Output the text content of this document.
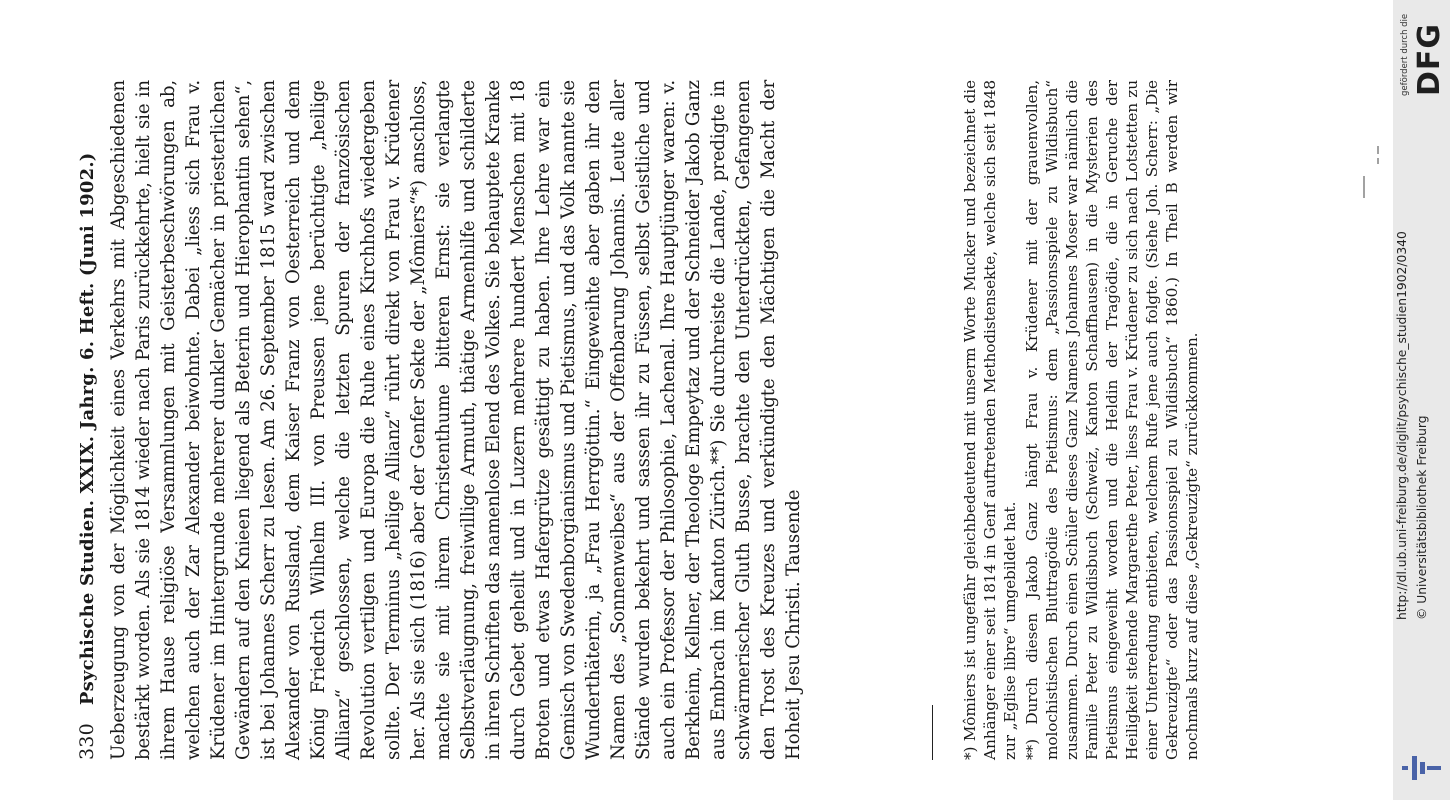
330
Psychische Studien. XXIX. Jahrg. 6. Heft. (Juni 1902.) Ueberzeugung von der Möglichkeit eines Verkehrs mit Abgeschiedenen bestärkt worden. Als sie 1814 wieder nach Paris zurückkehrte, hielt sie in ihrem Hause religiöse Versammlungen mit Geisterbeschwörungen ab, welchen auch der Zar Alexander beiwohnte. Dabei „liess sich Frau v. Krüdener im Hintergrunde mehrerer dunkler Gemächer in priesterlichen Gewändern auf den Knieen liegend als Beterin und Hierophantin sehen“, ist bei Johannes Scherr zu lesen. Am 26. September 1815 ward zwischen Alexander von Russland, dem Kaiser Franz von Oesterreich und dem König Friedrich Wilhelm III. von Preussen jene berüchtigte „heilige Allianz“ geschlossen, welche die letzten Spuren der französischen Revolution vertilgen und Europa die Ruhe eines Kirchhofs wiedergeben sollte. Der Terminus „heilige Allianz“ rührt direkt von Frau v. Krüdener her. Als sie sich (1816) aber der Genfer Sekte der „Mômiers“*) anschloss, machte sie mit ihrem Christenthume bitteren Ernst: sie verlangte Selbstverläugnung, freiwillige Armuth, thätige Armenhilfe und schilderte in ihren Schriften das namenlose Elend des Volkes. Sie behauptete Kranke durch Gebet geheilt und in Luzern mehrere hundert Menschen mit 18 Broten und etwas Hafergrütze gesättigt zu haben. Ihre Lehre war ein Gemisch von Swedenborgianismus und Pietismus, und das Volk nannte sie Wunderthäterin, ja „Frau Herrgöttin.“ Eingeweihte aber gaben ihr den Namen des „Sonnenweibes“ aus der Offenbarung Johannis. Leute aller Stände wurden bekehrt und sassen ihr zu Füssen, selbst Geistliche und auch ein Professor der Philosophie, Lachenal. Ihre Hauptjünger waren: v. Berkheim, Kellner, der Theologe Empeytaz und der Schneider Jakob Ganz aus Embrach im Kanton Zürich.**) Sie durchreiste die Lande, predigte in schwärmerischer Gluth Busse, brachte den Unterdrückten, Gefangenen den Trost des Kreuzes und verkündigte den Mächtigen die Macht der Hoheit Jesu Christi. Tausende	*) Mômiers ist ungefähr gleichbedeutend mit unserm Worte Mucker und bezeichnet die Anhänger einer seit 1814 in Genf auftretenden Methodistensekte, welche sich seit 1848 zur „Eglise libre“ umgebildet hat. **) Durch diesen Jakob Ganz hängt Frau v. Krüdener mit der grauenvollen, molochistischen Bluttragödie des Pietismus: dem „Passionsspiele zu Wildisbuch“ zusammen. Durch einen Schüler dieses Ganz Namens Johannes Moser war nämlich die Familie Peter zu Wildisbuch (Schweiz, Kanton Schaffhausen) in die Mysterien des Pietismus eingeweiht worden und die Heldin der Tragödie, die in Geruche der Heiligkeit stehende Margarethe Peter, liess Frau v. Krüdener zu sich nach Lotstetten zu einer Unterredung entbieten, welchem Rufe jene auch folgte. (Siehe Joh. Scherr: „Die Gekreuzigte“ oder das Passionsspiel zu Wildisbuch“ 1860.) In Theil B werden wir nochmals kurz auf diese „Gekreuzigte“ zurückkommen.

gefördert durch die DFG
http://dl.ub.uni-freiburg.de/diglit/psychische_studien1902/0340 © Universitätsbibliothek Freiburg
